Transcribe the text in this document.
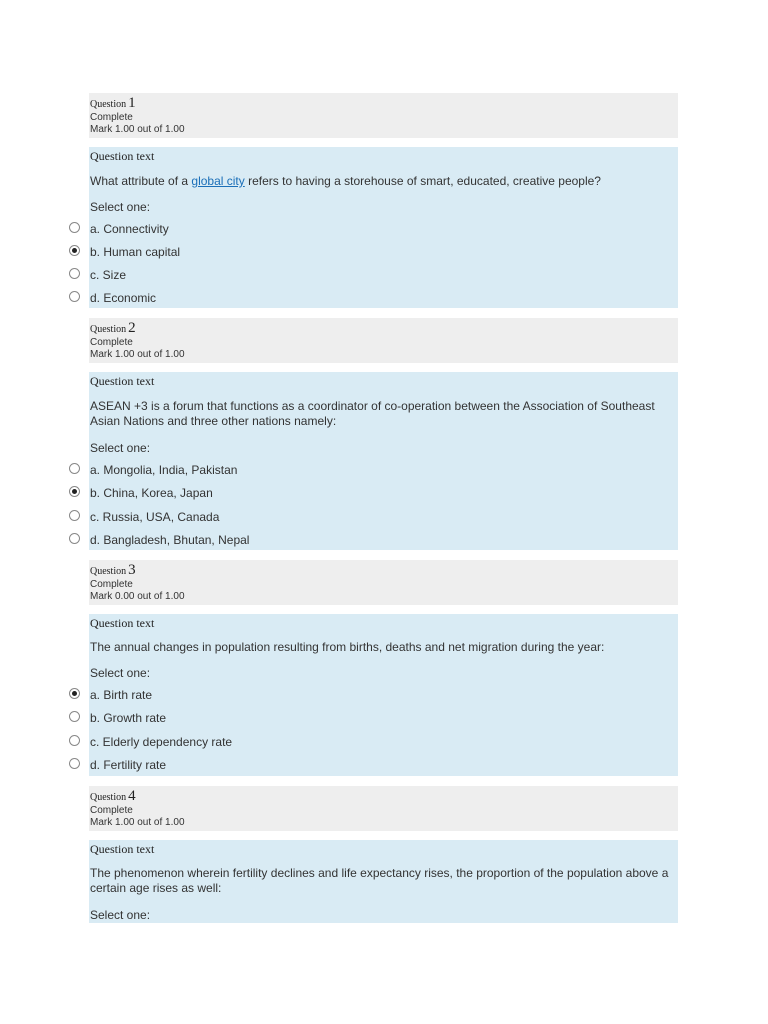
Question 1
Complete
Mark 1.00 out of 1.00
Question text
What attribute of a global city refers to having a storehouse of smart, educated, creative people?
Select one:
a. Connectivity
b. Human capital
c. Size
d. Economic
Question 2
Complete
Mark 1.00 out of 1.00
Question text
ASEAN +3 is a forum that functions as a coordinator of co-operation between the Association of Southeast Asian Nations and three other nations namely:
Select one:
a. Mongolia, India, Pakistan
b. China, Korea, Japan
c. Russia, USA, Canada
d. Bangladesh, Bhutan, Nepal
Question 3
Complete
Mark 0.00 out of 1.00
Question text
The annual changes in population resulting from births, deaths and net migration during the year:
Select one:
a. Birth rate
b. Growth rate
c. Elderly dependency rate
d. Fertility rate
Question 4
Complete
Mark 1.00 out of 1.00
Question text
The phenomenon wherein fertility declines and life expectancy rises, the proportion of the population above a certain age rises as well:
Select one:
